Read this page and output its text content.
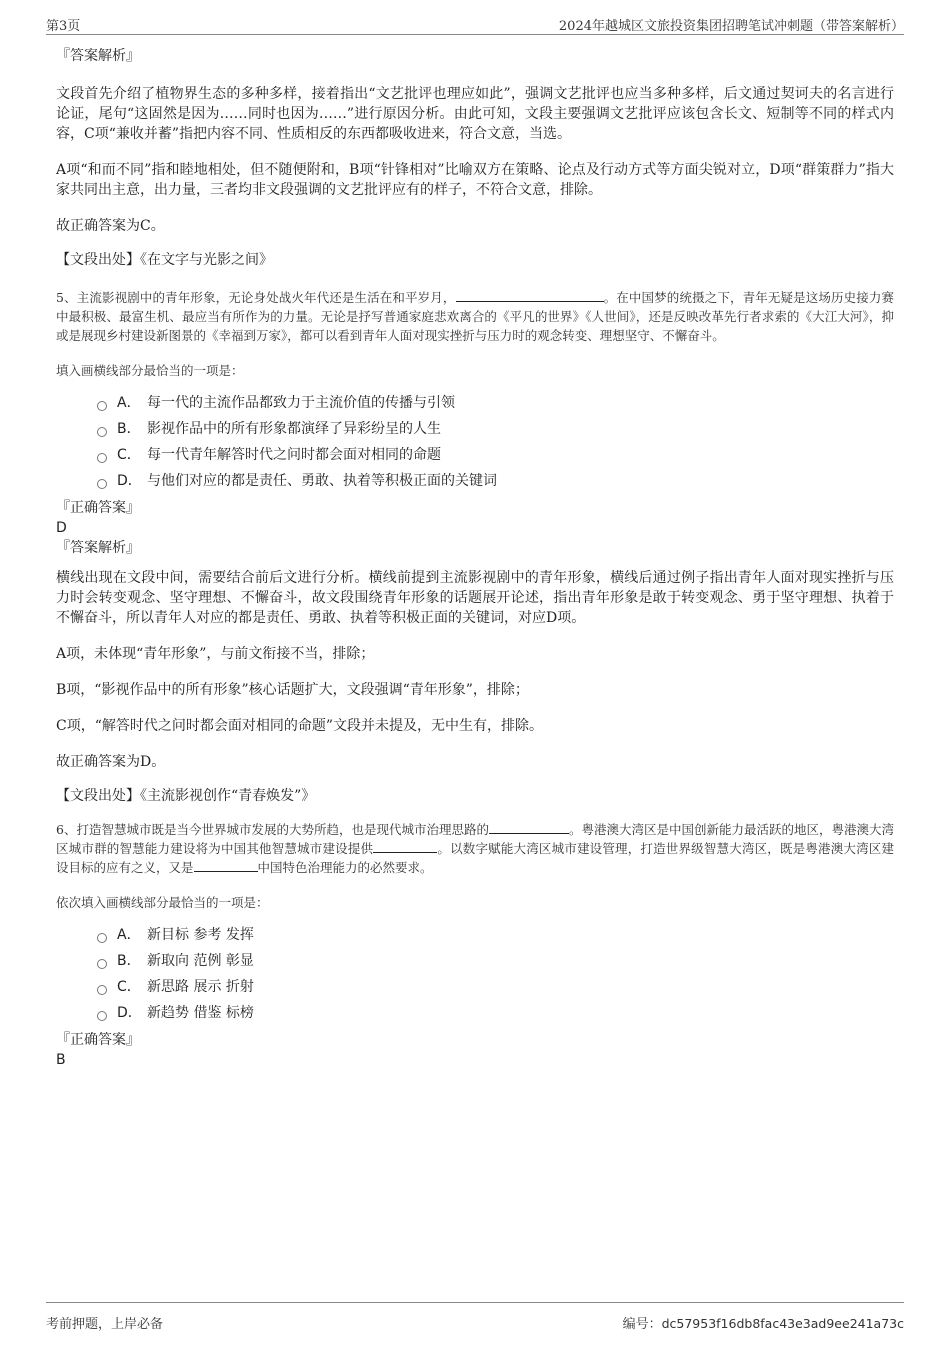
第3页	2024年越城区文旅投资集团招聘笔试冲刺题（带答案解析）

『答案解析』

文段首先介绍了植物界生态的多种多样，接着指出“文艺批评也理应如此”，强调文艺批评也应当多种多样，后文通过契诃夫的名言进行论证，尾句“这固然是因为……同时也因为……”进行原因分析。由此可知，文段主要强调文艺批评应该包含长文、短制等不同的样式内容，C项“兼收并蓄”指把内容不同、性质相反的东西都吸收进来，符合文意，当选。

A项“和而不同”指和睦地相处，但不随便附和，B项“针锋相对”比喻双方在策略、论点及行动方式等方面尖锐对立，D项“群策群力”指大家共同出主意，出力量，三者均非文段强调的文艺批评应有的样子，不符合文意，排除。

故正确答案为C。

【文段出处】《在文字与光影之间》

5、主流影视剧中的青年形象，无论身处战火年代还是生活在和平岁月，	。在中国梦的统摄之下，青年无疑是这场历史接力赛中最积极、最富生机、最应当有所作为的力量。无论是抒写普通家庭悲欢离合的《平凡的世界》《人世间》，还是反映改革先行者求索的《大江大河》，抑或是展现乡村建设新图景的《幸福到万家》，都可以看到青年人面对现实挫折与压力时的观念转变、理想坚守、不懈奋斗。

填入画横线部分最恰当的一项是：

A． 每一代的主流作品都致力于主流价值的传播与引领
B． 影视作品中的所有形象都演绎了异彩纷呈的人生
C． 每一代青年解答时代之问时都会面对相同的命题
D． 与他们对应的都是责任、勇敢、执着等积极正面的关键词

『正确答案』

D

『答案解析』

横线出现在文段中间，需要结合前后文进行分析。横线前提到主流影视剧中的青年形象，横线后通过例子指出青年人面对现实挫折与压力时会转变观念、坚守理想、不懈奋斗，故文段围绕青年形象的话题展开论述，指出青年形象是敢于转变观念、勇于坚守理想、执着于不懈奋斗，所以青年人对应的都是责任、勇敢、执着等积极正面的关键词，对应D项。

A项，未体现“青年形象”，与前文衔接不当，排除；

B项，“影视作品中的所有形象”核心话题扩大，文段强调“青年形象”，排除；

C项，“解答时代之问时都会面对相同的命题”文段并未提及，无中生有，排除。

故正确答案为D。

【文段出处】《主流影视创作“青春焕发”》

6、打造智慧城市既是当今世界城市发展的大势所趋，也是现代城市治理思路的	。粤港澳大湾区是中国创新能力最活跃的地区，粤港澳大湾区城市群的智慧能力建设将为中国其他智慧城市建设提供	。以数字赋能大湾区城市建设管理，打造世界级智慧大湾区，既是粤港澳大湾区建设目标的应有之义，又是	中国特色治理能力的必然要求。

依次填入画横线部分最恰当的一项是：

A． 新目标 参考 发挥
B． 新取向 范例 彰显
C． 新思路 展示 折射
D． 新趋势 借鉴 标榜

『正确答案』

B

考前押题，上岸必备	编号：dc57953f16db8fac43e3ad9ee241a73c
